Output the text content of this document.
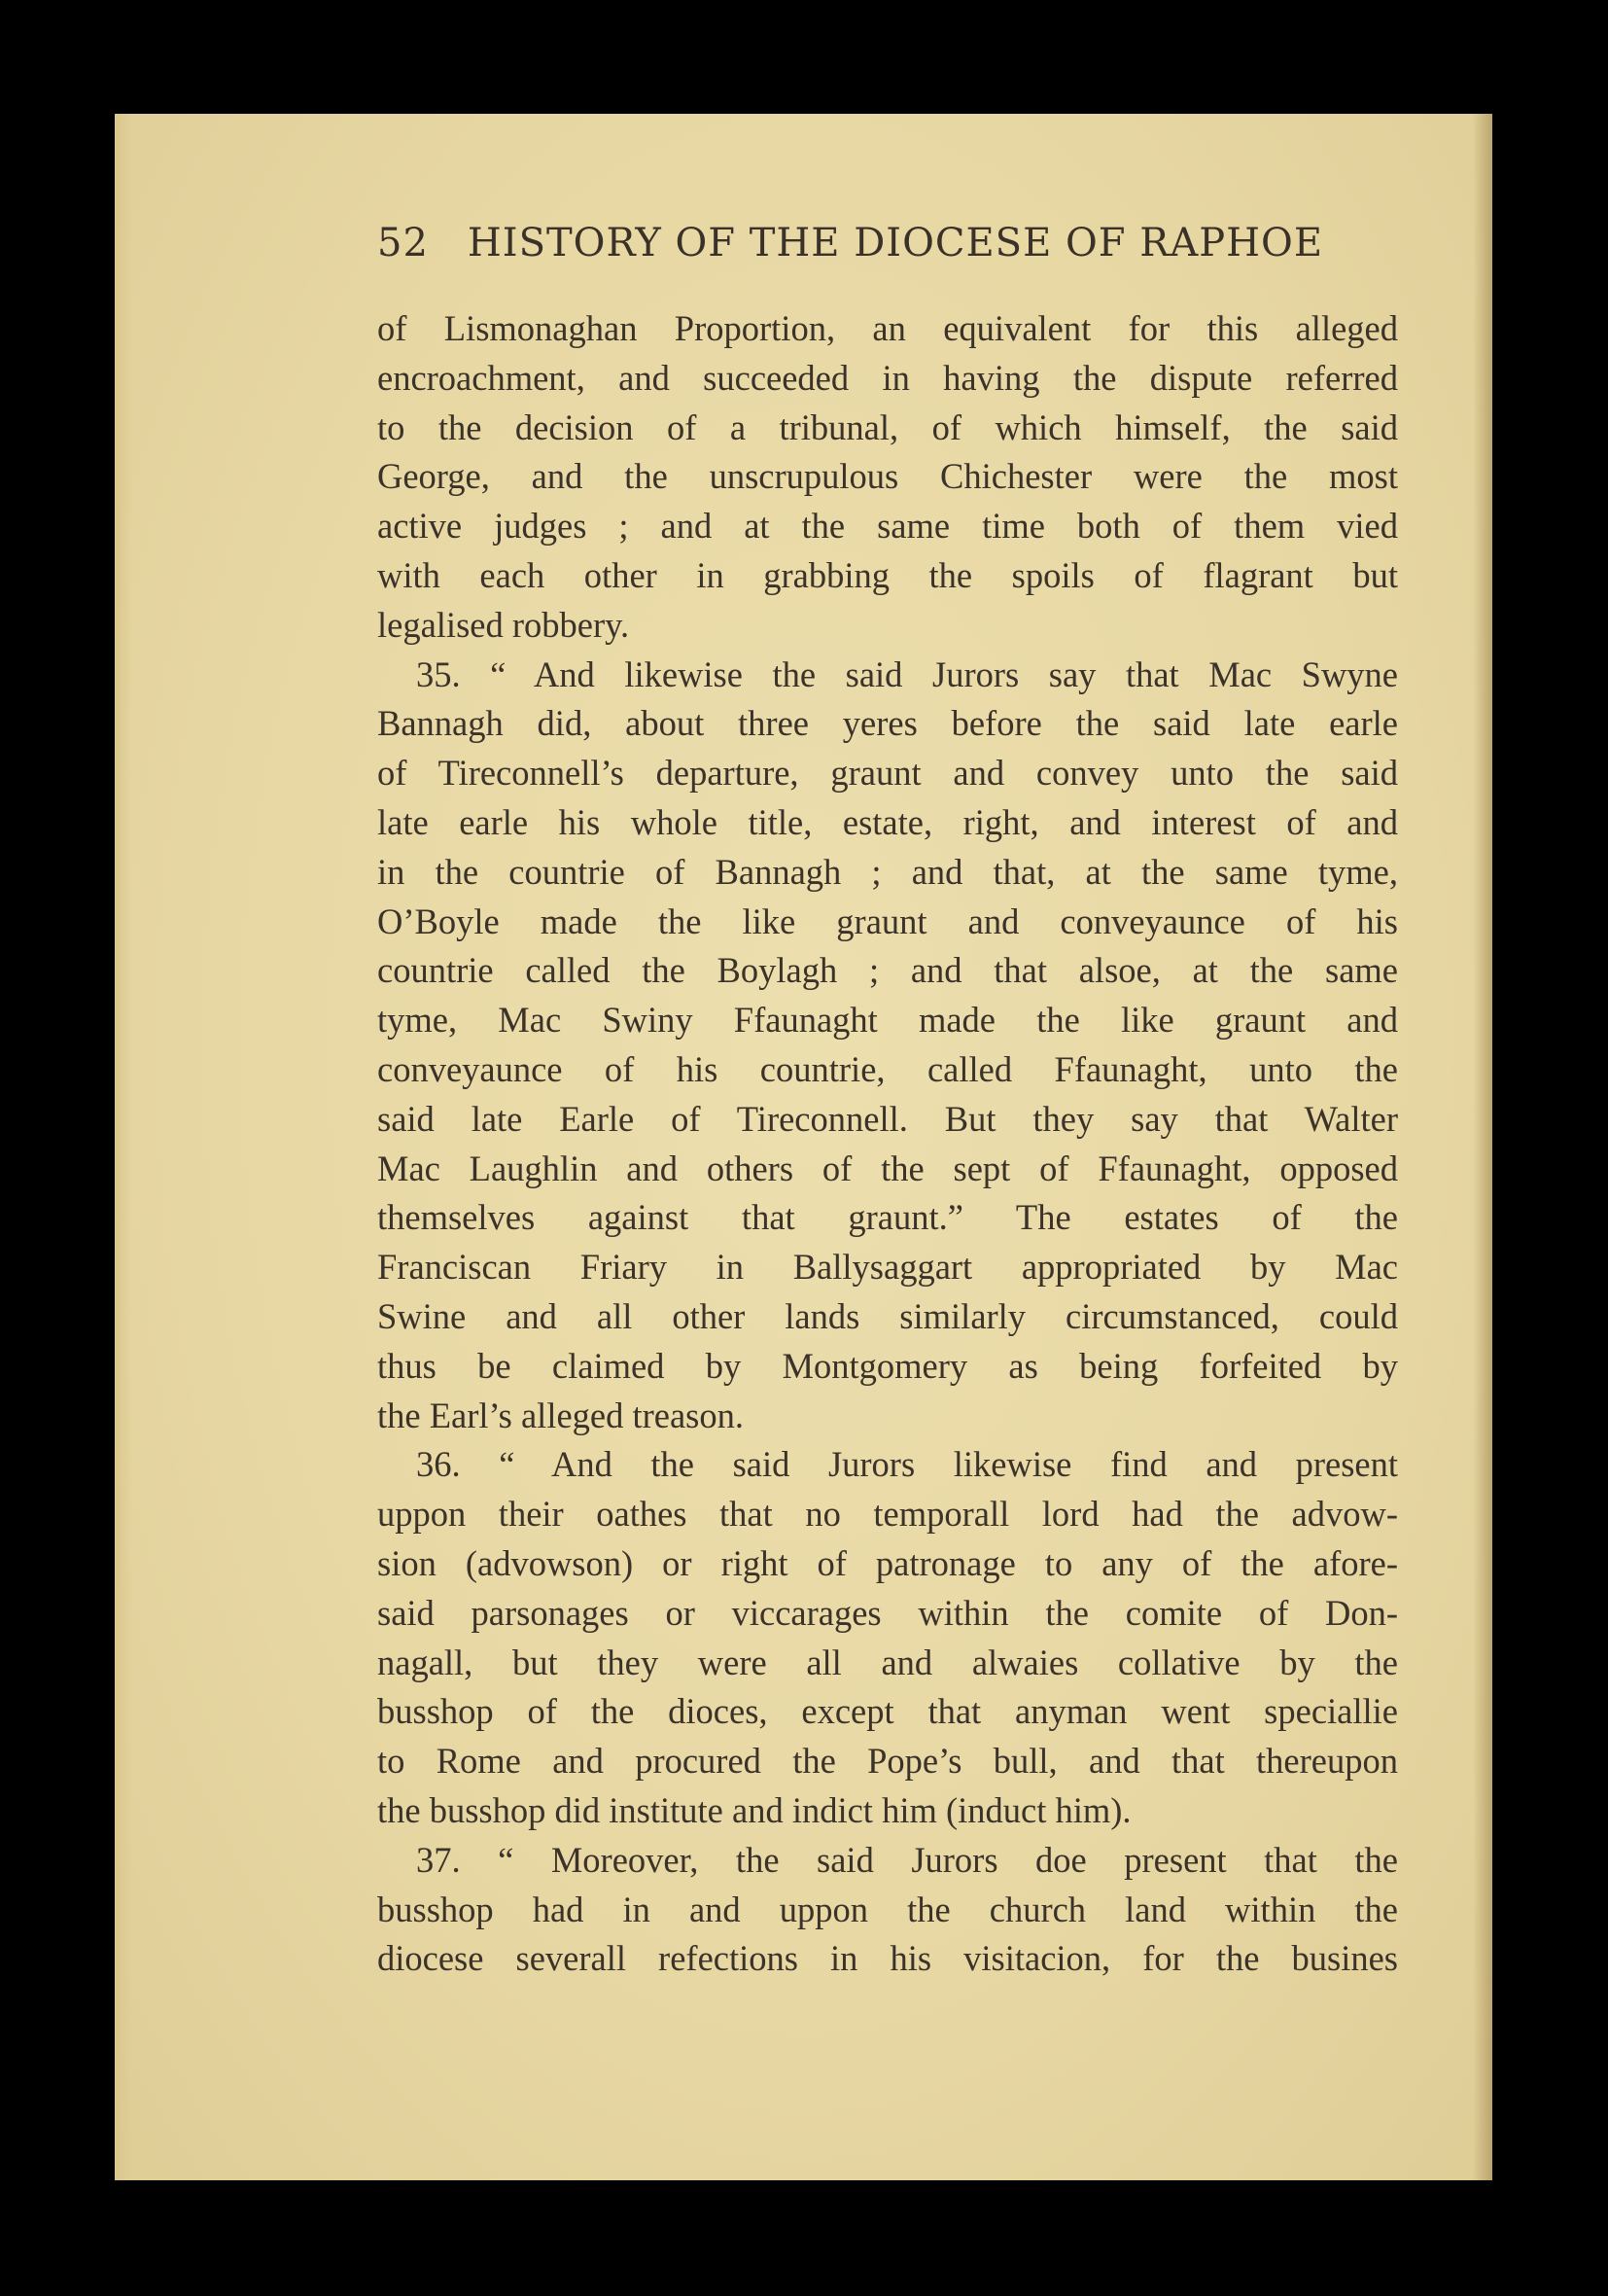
52 HISTORY OF THE DIOCESE OF RAPHOE
of Lismonaghan Proportion, an equivalent for this alleged
encroachment, and succeeded in having the dispute referred
to the decision of a tribunal, of which himself, the said
George, and the unscrupulous Chichester were the most
active judges ; and at the same time both of them vied
with each other in grabbing the spoils of flagrant but
legalised robbery.
35. “ And likewise the said Jurors say that Mac Swyne
Bannagh did, about three yeres before the said late earle
of Tireconnell’s departure, graunt and convey unto the said
late earle his whole title, estate, right, and interest of and
in the countrie of Bannagh ; and that, at the same tyme,
O’Boyle made the like graunt and conveyaunce of his
countrie called the Boylagh ; and that alsoe, at the same
tyme, Mac Swiny Ffaunaght made the like graunt and
conveyaunce of his countrie, called Ffaunaght, unto the
said late Earle of Tireconnell. But they say that Walter
Mac Laughlin and others of the sept of Ffaunaght, opposed
themselves against that graunt.” The estates of the
Franciscan Friary in Ballysaggart appropriated by Mac
Swine and all other lands similarly circumstanced, could
thus be claimed by Montgomery as being forfeited by
the Earl’s alleged treason.
36. “ And the said Jurors likewise find and present
uppon their oathes that no temporall lord had the advow-
sion (advowson) or right of patronage to any of the afore-
said parsonages or viccarages within the comite of Don-
nagall, but they were all and alwaies collative by the
busshop of the dioces, except that anyman went speciallie
to Rome and procured the Pope’s bull, and that thereupon
the busshop did institute and indict him (induct him).
37. “ Moreover, the said Jurors doe present that the
busshop had in and uppon the church land within the
diocese severall refections in his visitacion, for the busines
